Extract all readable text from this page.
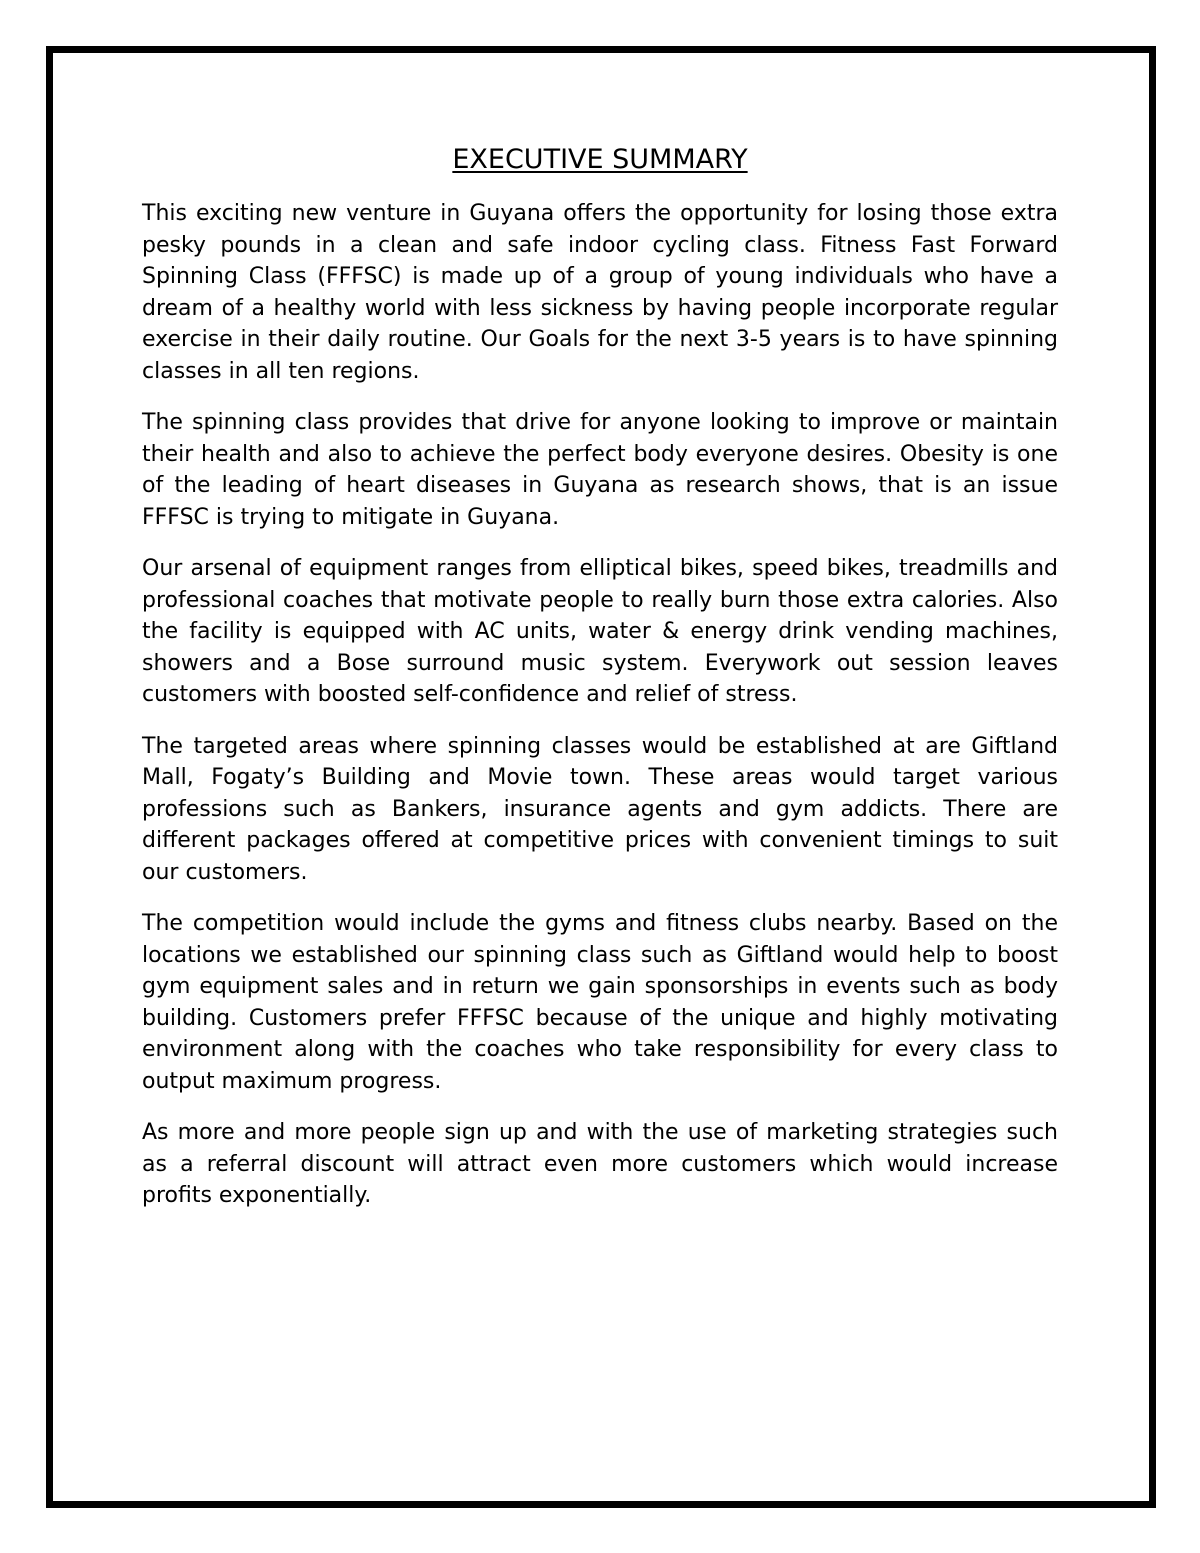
EXECUTIVE SUMMARY

This exciting new venture in Guyana offers the opportunity for losing those extra pesky pounds in a clean and safe indoor cycling class. Fitness Fast Forward Spinning Class (FFFSC) is made up of a group of young individuals who have a dream of a healthy world with less sickness by having people incorporate regular exercise in their daily routine. Our Goals for the next 3-5 years is to have spinning classes in all ten regions.

The spinning class provides that drive for anyone looking to improve or maintain their health and also to achieve the perfect body everyone desires. Obesity is one of the leading of heart diseases in Guyana as research shows, that is an issue FFFSC is trying to mitigate in Guyana.

Our arsenal of equipment ranges from elliptical bikes, speed bikes, treadmills and professional coaches that motivate people to really burn those extra calories. Also the facility is equipped with AC units, water & energy drink vending machines, showers and a Bose surround music system. Everywork out session leaves customers with boosted self-confidence and relief of stress.

The targeted areas where spinning classes would be established at are Giftland Mall, Fogaty’s Building and Movie town. These areas would target various professions such as Bankers, insurance agents and gym addicts. There are different packages offered at competitive prices with convenient timings to suit our customers.

The competition would include the gyms and fitness clubs nearby. Based on the locations we established our spinning class such as Giftland would help to boost gym equipment sales and in return we gain sponsorships in events such as body building. Customers prefer FFFSC because of the unique and highly motivating environment along with the coaches who take responsibility for every class to output maximum progress.

As more and more people sign up and with the use of marketing strategies such as a referral discount will attract even more customers which would increase profits exponentially.
